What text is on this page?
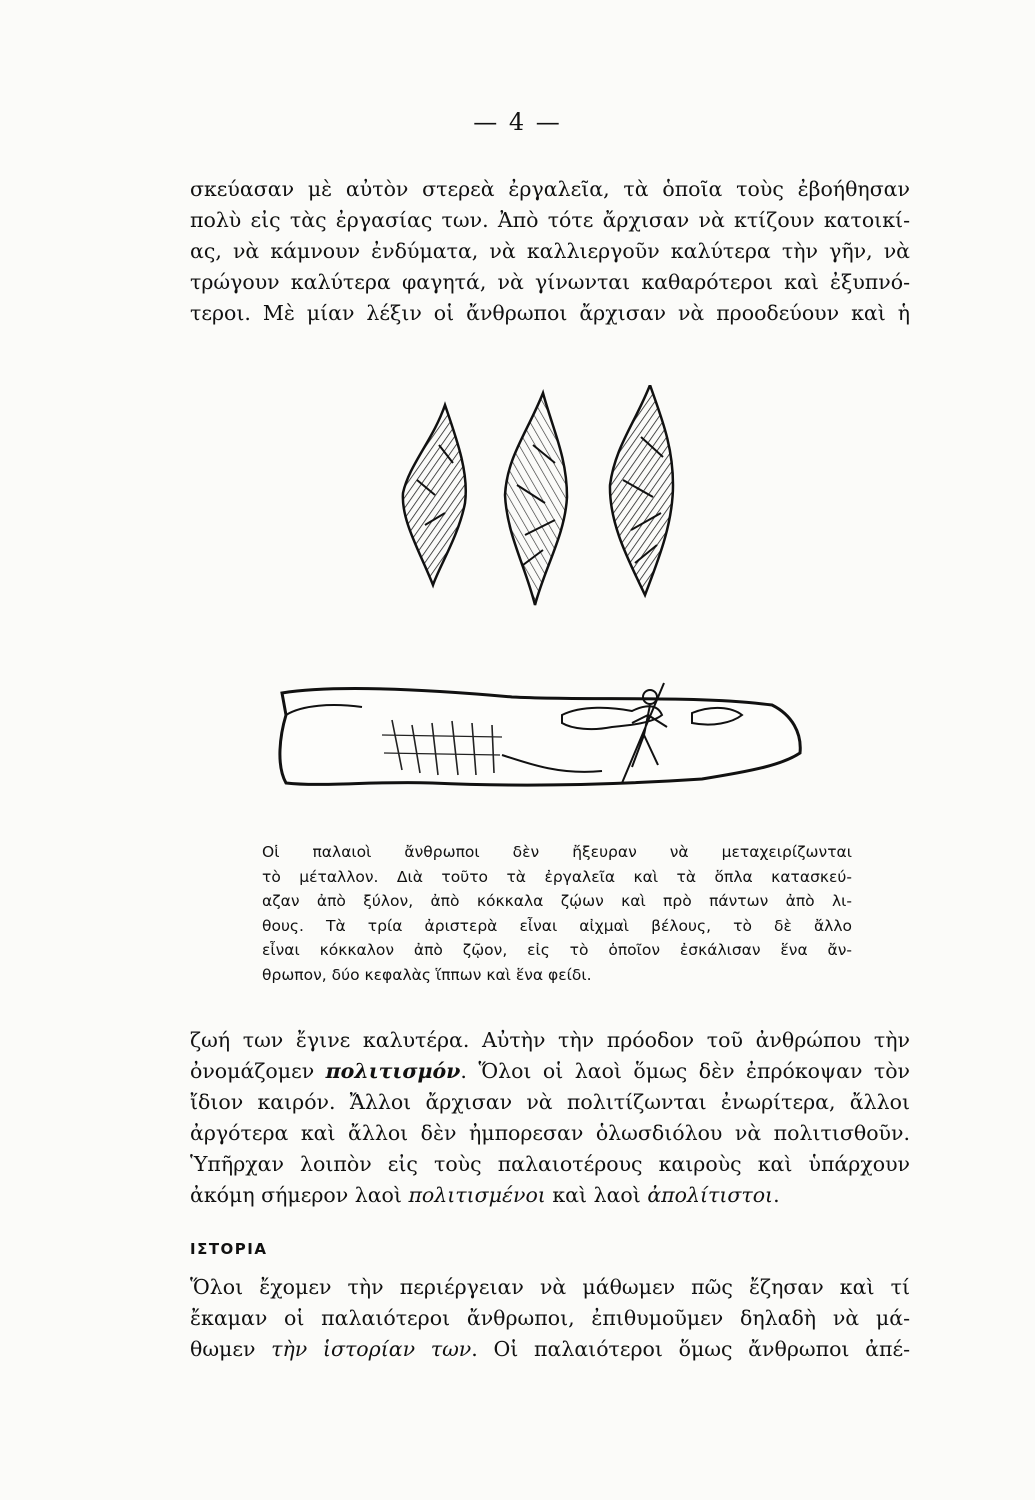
— 4 —
σκεύασαν μὲ αὐτὸν στερεὰ ἐργαλεῖα, τὰ ὁποῖα τοὺς ἐβοήθησαν
πολὺ εἰς τὰς ἐργασίας των. Ἀπὸ τότε ἄρχισαν νὰ κτίζουν κατοικί-
ας, νὰ κάμνουν ἐνδύματα, νὰ καλλιεργοῦν καλύτερα τὴν γῆν, νὰ
τρώγουν καλύτερα φαγητά, νὰ γίνωνται καθαρότεροι καὶ ἐξυπνό-
τεροι. Μὲ μίαν λέξιν οἱ ἄνθρωποι ἄρχισαν νὰ προοδεύουν καὶ ἡ
Οἱ παλαιοὶ ἄνθρωποι δὲν ἤξευραν νὰ μεταχειρίζωνται
τὸ μέταλλον. Διὰ τοῦτο τὰ ἐργαλεῖα καὶ τὰ ὅπλα κατασκεύ-
αζαν ἀπὸ ξύλον, ἀπὸ κόκκαλα ζῴων καὶ πρὸ πάντων ἀπὸ λι-
θους. Τὰ τρία ἀριστερὰ εἶναι αἰχμαὶ βέλους, τὸ δὲ ἄλλο
εἶναι κόκκαλον ἀπὸ ζῷον, εἰς τὸ ὁποῖον ἐσκάλισαν ἕνα ἄν-
θρωπον, δύο κεφαλὰς ἵππων καὶ ἕνα φείδι.
ζωή των ἔγινε καλυτέρα. Αὐτὴν τὴν πρόοδον τοῦ ἀνθρώπου τὴν
ὀνομάζομεν πολιτισμόν. Ὅλοι οἱ λαοὶ ὅμως δὲν ἐπρόκοψαν τὸν
ἴδιον καιρόν. Ἄλλοι ἄρχισαν νὰ πολιτίζωνται ἐνωρίτερα, ἄλλοι
ἀργότερα καὶ ἄλλοι δὲν ἠμπορεσαν ὁλωσδιόλου νὰ πολιτισθοῦν.
Ὑπῆρχαν λοιπὸν εἰς τοὺς παλαιοτέρους καιροὺς καὶ ὑπάρχουν
ἀκόμη σήμερον λαοὶ πολιτισμένοι καὶ λαοὶ ἀπολίτιστοι.
ΙΣΤΟΡΙΑ
Ὅλοι ἔχομεν τὴν περιέργειαν νὰ μάθωμεν πῶς ἔζησαν καὶ τί
ἔκαμαν οἱ παλαιότεροι ἄνθρωποι, ἐπιθυμοῦμεν δηλαδὴ νὰ μά-
θωμεν τὴν ἱστορίαν των. Οἱ παλαιότεροι ὅμως ἄνθρωποι ἀπέ-
